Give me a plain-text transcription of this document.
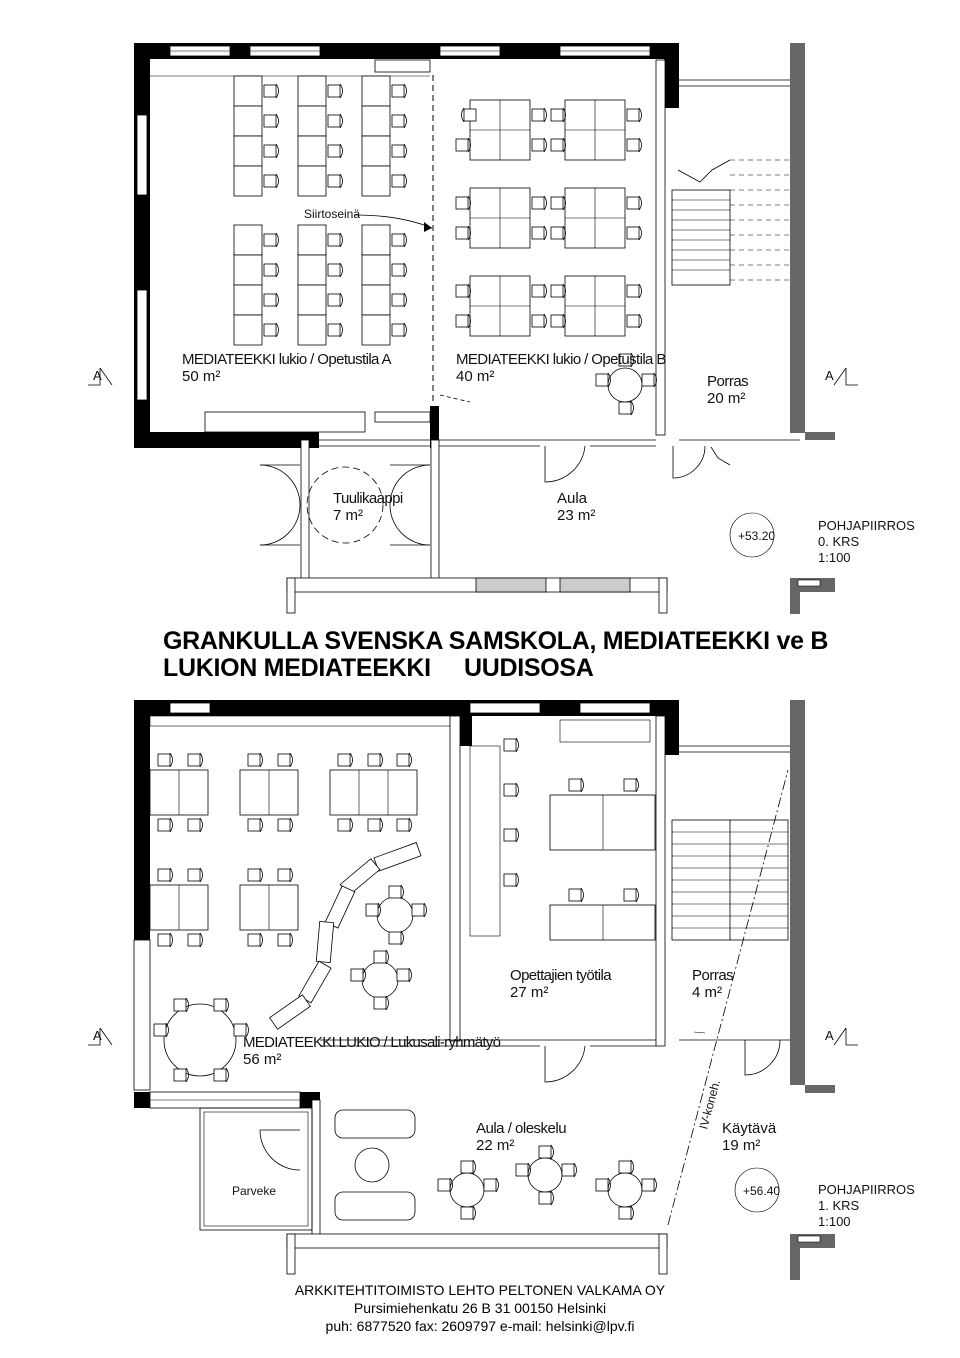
A	A
Siirtoseinä
MEDIATEEKKI lukio / Opetustila A
50 m²
MEDIATEEKKI lukio / Opetustila B
40 m²	Porras
20 m²
Tuulikaappi
7 m²
Aula
23 m²
+53.20
POHJAPIIRROS
0. KRS
1:100
A	A
Opettajien työtila
27 m²
Porras
4 m²
MEDIATEEKKI LUKIO / Lukusali-ryhmätyö
56 m²
IV-koneh.
Aula / oleskelu
22 m²
Käytävä
19 m²
Parveke	+56.40	POHJAPIIRROS
1. KRS
1:100
GRANKULLA SVENSKA SAMSKOLA, MEDIATEEKKI ve B
LUKION MEDIATEEKKI     UUDISOSA
ARKKITEHTITOIMISTO LEHTO PELTONEN VALKAMA OY
Pursimiehenkatu 26 B 31 00150 Helsinki
puh: 6877520 fax: 2609797 e-mail: helsinki@lpv.fi
